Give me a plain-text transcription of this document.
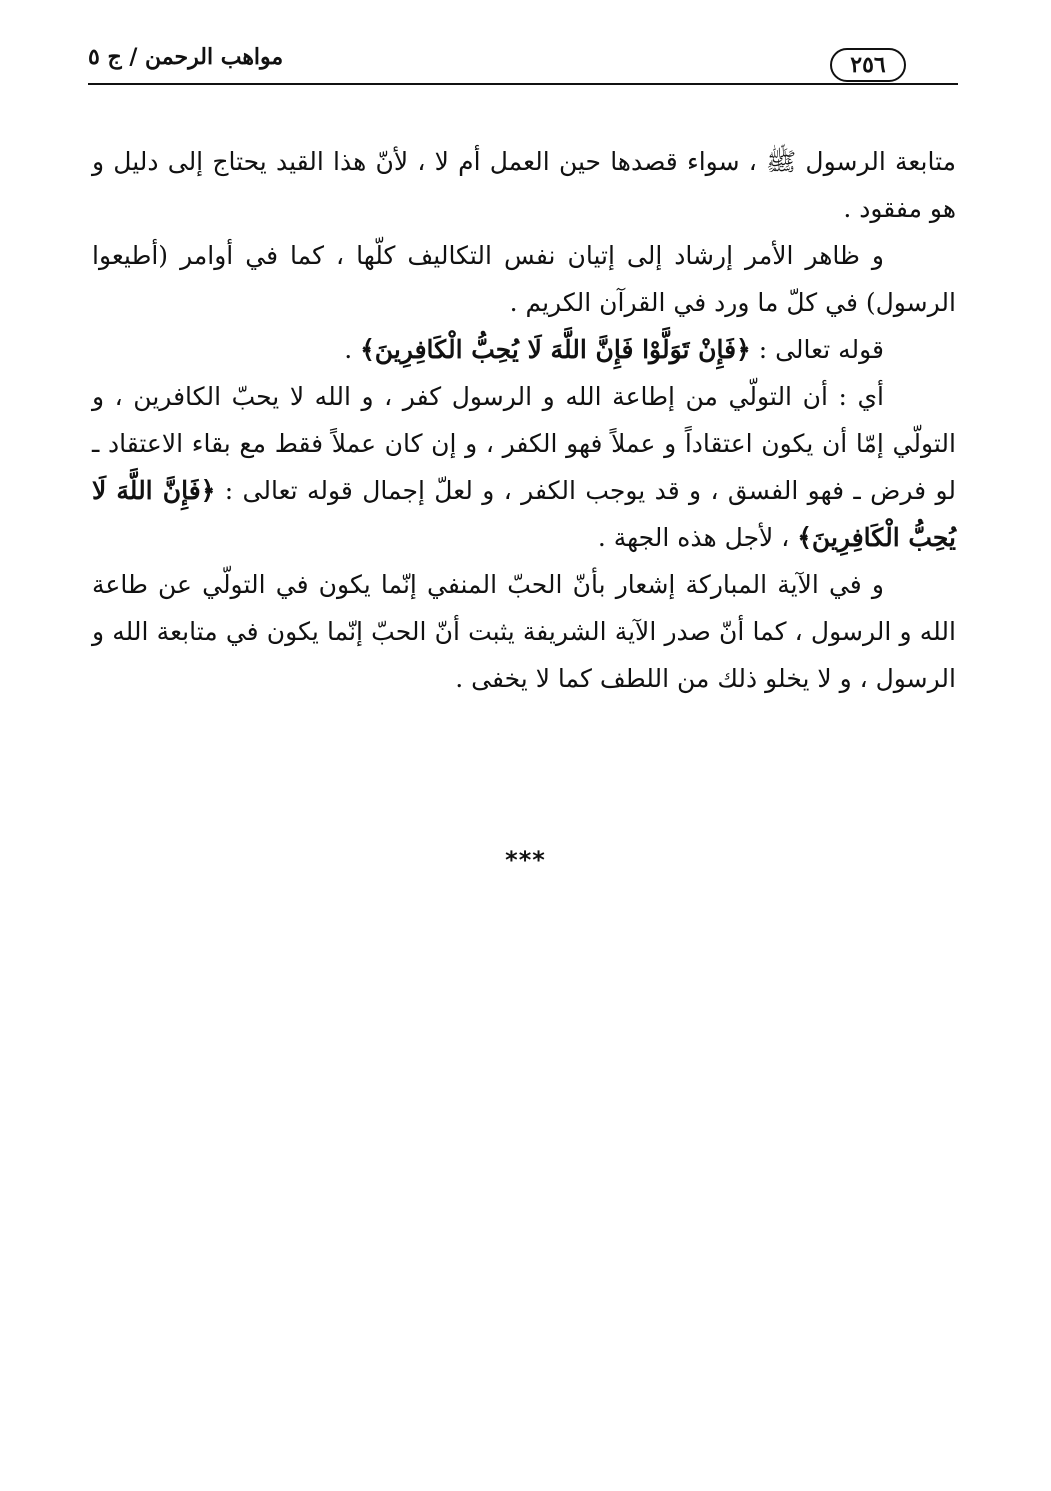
٢٥٦
مواهب الرحمن / ج ٥

متابعة الرسول ﷺ ، سواء قصدها حين العمل أم لا ، لأنّ هذا القيد يحتاج إلى دليل و هو مفقود .

و ظاهر الأمر إرشاد إلى إتيان نفس التكاليف كلّها ، كما في أوامر (أطيعوا الرسول) في كلّ ما ورد في القرآن الكريم .

قوله تعالى : ﴿فَإِنْ تَوَلَّوْا فَإِنَّ اللَّهَ لَا يُحِبُّ الْكَافِرِينَ﴾ .

أي : أن التولّي من إطاعة الله و الرسول كفر ، و الله لا يحبّ الكافرين ، و التولّي إمّا أن يكون اعتقاداً و عملاً فهو الكفر ، و إن كان عملاً فقط مع بقاء الاعتقاد ـ لو فرض ـ فهو الفسق ، و قد يوجب الكفر ، و لعلّ إجمال قوله تعالى : ﴿فَإِنَّ اللَّهَ لَا يُحِبُّ الْكَافِرِينَ﴾ ، لأجل هذه الجهة .

و في الآية المباركة إشعار بأنّ الحبّ المنفي إنّما يكون في التولّي عن طاعة الله و الرسول ، كما أنّ صدر الآية الشريفة يثبت أنّ الحبّ إنّما يكون في متابعة الله و الرسول ، و لا يخلو ذلك من اللطف كما لا يخفى .

***
